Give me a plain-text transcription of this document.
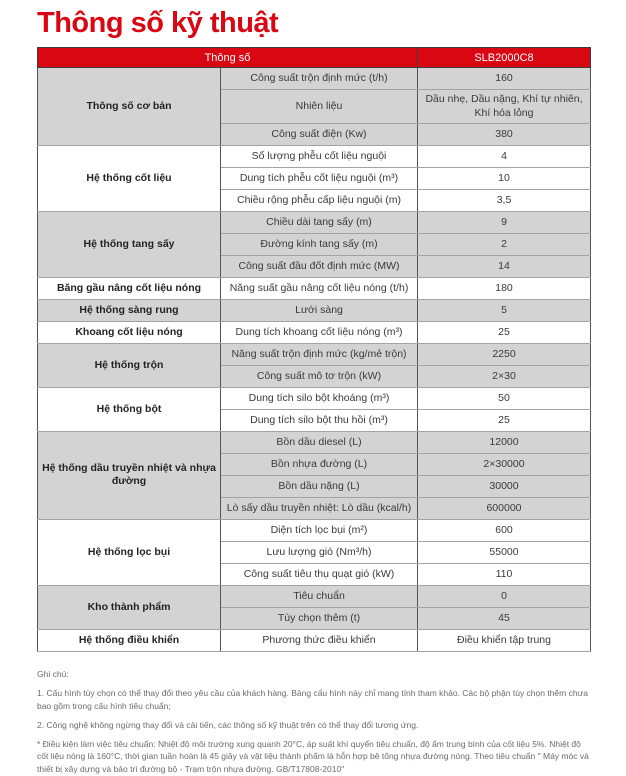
Thông số kỹ thuật
Thông số		SLB2000C8
Thông số cơ bản	Công suất trộn định mức (t/h)	160
	Nhiên liệu	Dầu nhẹ, Dầu nặng, Khí tự nhiên, Khí hóa lỏng
	Công suất điện (Kw)	380
Hệ thống cốt liệu	Số lượng phễu cốt liệu nguội	4
	Dung tích phễu cốt liệu nguội (m³)	10
	Chiều rộng phễu cấp liệu nguội (m)	3,5
Hệ thống tang sấy	Chiều dài tang sấy (m)	9
	Đường kính tang sấy (m)	2
	Công suất đầu đốt định mức (MW)	14
Băng gầu nâng cốt liệu nóng	Năng suất gầu nâng cốt liệu nóng (t/h)	180
Hệ thống sàng rung	Lưới sàng	5
Khoang cốt liệu nóng	Dung tích khoang cốt liệu nóng (m³)	25
Hệ thống trộn	Năng suất trộn định mức (kg/mẻ trộn)	2250
	Công suất mô tơ trộn (kW)	2×30
Hệ thống bột	Dung tích silo bột khoáng (m³)	50
	Dung tích silo bột thu hồi (m³)	25
Hệ thống dầu truyền nhiệt và nhựa đường	Bồn dầu diesel (L)	12000
	Bồn nhựa đường (L)	2×30000
	Bồn dầu nặng (L)	30000
	Lò sấy dầu truyền nhiệt: Lò dầu (kcal/h)	600000
Hệ thống lọc bụi	Diện tích lọc bụi (m²)	600
	Lưu lượng gió (Nm³/h)	55000
	Công suất tiêu thụ quạt gió (kW)	110
Kho thành phẩm	Tiêu chuẩn	0
	Tùy chọn thêm (t)	45
Hệ thống điều khiển	Phương thức điều khiển	Điều khiển tập trung
Ghi chú:

1. Cấu hình tùy chọn có thể thay đổi theo yêu cầu của khách hàng. Bảng cấu hình này chỉ mang tính tham khảo. Các bộ phận tùy chọn thêm chưa bao gồm trong cấu hình tiêu chuẩn;

2. Công nghệ không ngừng thay đổi và cải tiến, các thông số kỹ thuật trên có thể thay đổi tương ứng.

* Điều kiện làm việc tiêu chuẩn: Nhiệt độ môi trường xung quanh 20°C, áp suất khí quyển tiêu chuẩn, độ ẩm trung bình của cốt liệu 5%. Nhiệt độ cốt liệu nóng là 160°C, thời gian tuần hoàn là 45 giây và vật liệu thành phẩm là hỗn hợp bê tông nhựa đường nóng. Theo tiêu chuẩn " Máy móc và thiết bị xây dựng và bảo trì đường bộ - Trạm trộn nhựa đường. GB/T17808-2010"
